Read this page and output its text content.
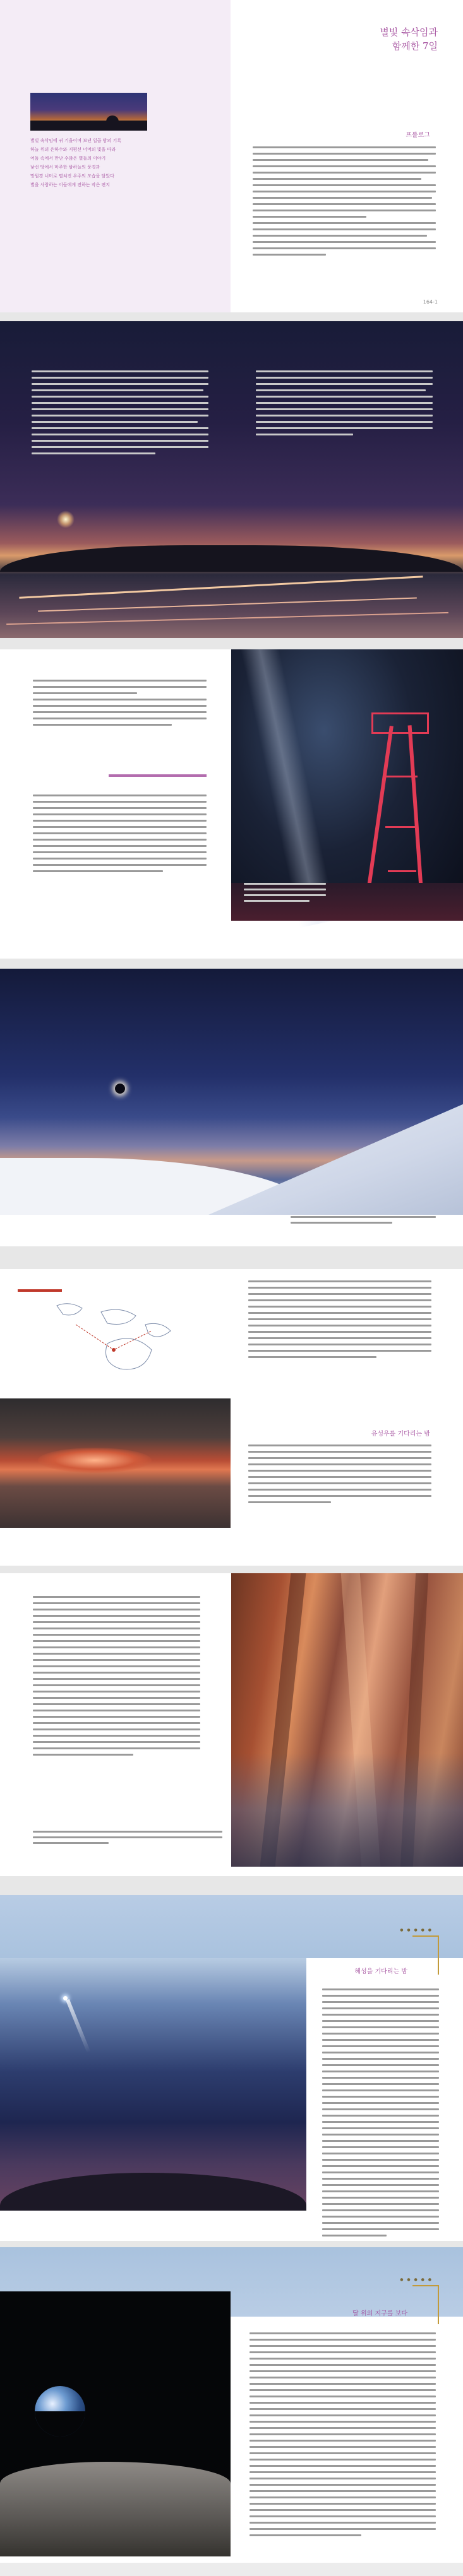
별빛 속삭임에 귀 기울이며 보낸 일곱 밤의 기록
하늘 위의 은하수와 지평선 너머의 빛을 따라
어둠 속에서 만난 수많은 별들의 이야기
낯선 땅에서 마주한 밤하늘의 풍경과
망원경 너머로 펼쳐진 우주의 모습을 담았다
별을 사랑하는 이들에게 전하는 작은 편지
별빛 속삭임과
함께한 7일
프롤로그
164-1
유성우를 기다리는 밤
● ● ● ● ●
혜성을 기다리는 밤
● ● ● ● ●
달 위의 지구를 보다
